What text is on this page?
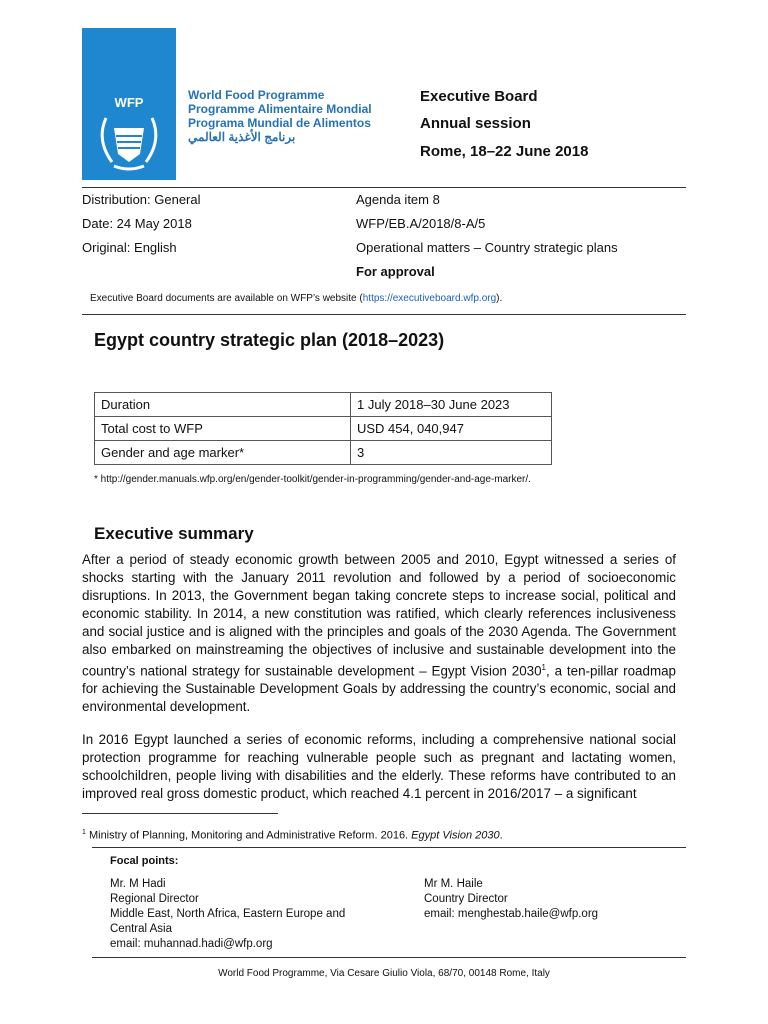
WFP	World Food Programme
Programme Alimentaire Mondial
Programa Mundial de Alimentos
برنامج الأغذية العالمي
Executive Board
Annual session
Rome, 18–22 June 2018
Distribution: General
Date: 24 May 2018
Original: English
Agenda item 8
WFP/EB.A/2018/8-A/5
Operational matters – Country strategic plans
For approval
Executive Board documents are available on WFP’s website (https://executiveboard.wfp.org).
Egypt country strategic plan (2018–2023)
Duration	1 July 2018–30 June 2023
Total cost to WFP	USD 454, 040,947
Gender and age marker*	3
* http://gender.manuals.wfp.org/en/gender-toolkit/gender-in-programming/gender-and-age-marker/.
Executive summary

After a period of steady economic growth between 2005 and 2010, Egypt witnessed a series of shocks starting with the January 2011 revolution and followed by a period of socioeconomic disruptions. In 2013, the Government began taking concrete steps to increase social, political and economic stability. In 2014, a new constitution was ratified, which clearly references inclusiveness and social justice and is aligned with the principles and goals of the 2030 Agenda. The Government also embarked on mainstreaming the objectives of inclusive and sustainable development into the country’s national strategy for sustainable development – Egypt Vision 2030$^1$, a ten-pillar roadmap for achieving the Sustainable Development Goals by addressing the country’s economic, social and environmental development.

In 2016 Egypt launched a series of economic reforms, including a comprehensive national social protection programme for reaching vulnerable people such as pregnant and lactating women, schoolchildren, people living with disabilities and the elderly. These reforms have contributed to an improved real gross domestic product, which reached 4.1 percent in 2016/2017 – a significant

$^1$ Ministry of Planning, Monitoring and Administrative Reform. 2016. Egypt Vision 2030.
Focal points:
Mr. M Hadi
Regional Director
Middle East, North Africa, Eastern Europe and
Central Asia
email: muhannad.hadi@wfp.org
Mr M. Haile
Country Director
email: menghestab.haile@wfp.org
World Food Programme, Via Cesare Giulio Viola, 68/70, 00148 Rome, Italy
